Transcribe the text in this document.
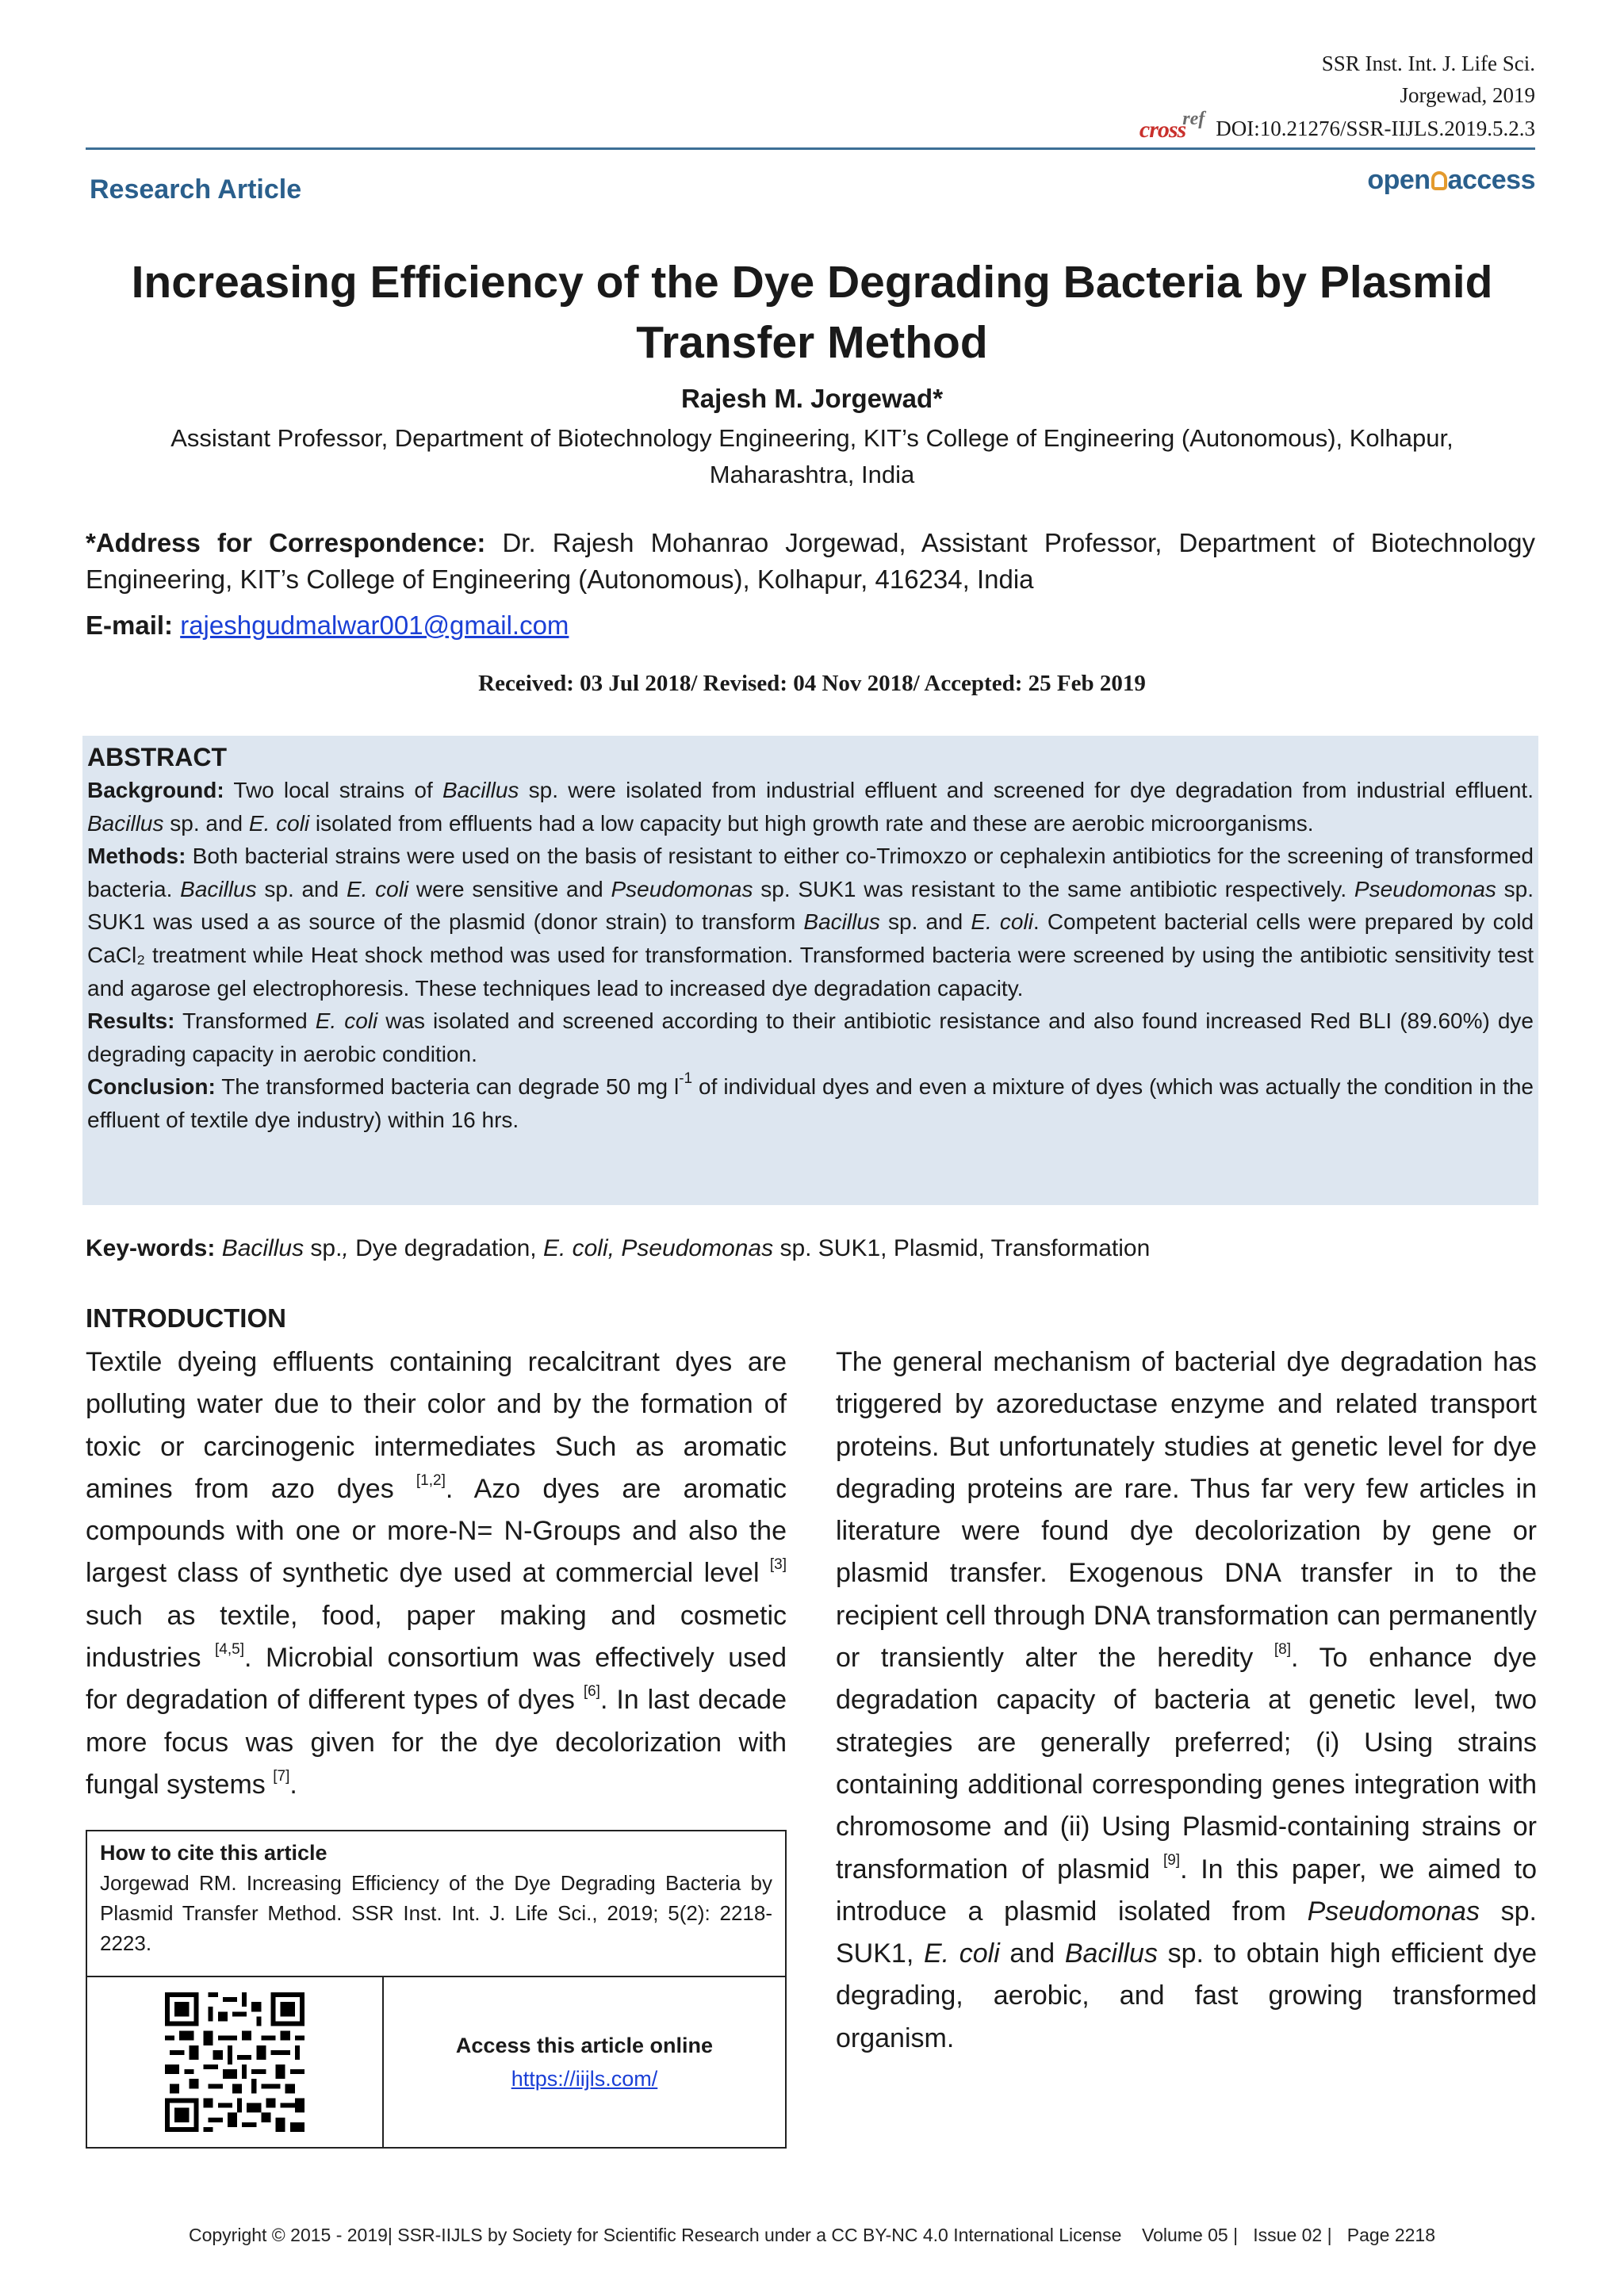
SSR Inst. Int. J. Life Sci.
Jorgewad, 2019
cross
ref DOI:10.21276/SSR-IIJLS.2019.5.2.3
Research Article	open access
Increasing Efficiency of the Dye Degrading Bacteria by Plasmid Transfer Method
Rajesh M. Jorgewad*
Assistant Professor, Department of Biotechnology Engineering, KIT’s College of Engineering (Autonomous), Kolhapur, Maharashtra, India
*Address for Correspondence: Dr. Rajesh Mohanrao Jorgewad, Assistant Professor, Department of Biotechnology Engineering, KIT’s College of Engineering (Autonomous), Kolhapur, 416234, India
E-mail: rajeshgudmalwar001@gmail.com
Received: 03 Jul 2018/ Revised: 04 Nov 2018/ Accepted: 25 Feb 2019
ABSTRACT

Background: Two local strains of Bacillus sp. were isolated from industrial effluent and screened for dye degradation from industrial effluent. Bacillus sp. and E. coli isolated from effluents had a low capacity but high growth rate and these are aerobic microorganisms.

Methods: Both bacterial strains were used on the basis of resistant to either co-Trimoxzo or cephalexin antibiotics for the screening of transformed bacteria. Bacillus sp. and E. coli were sensitive and Pseudomonas sp. SUK1 was resistant to the same antibiotic respectively. Pseudomonas sp. SUK1 was used a as source of the plasmid (donor strain) to transform Bacillus sp. and E. coli. Competent bacterial cells were prepared by cold CaCl₂ treatment while Heat shock method was used for transformation. Transformed bacteria were screened by using the antibiotic sensitivity test and agarose gel electrophoresis. These techniques lead to increased dye degradation capacity.

Results: Transformed E. coli was isolated and screened according to their antibiotic resistance and also found increased Red BLI (89.60%) dye degrading capacity in aerobic condition.

Conclusion: The transformed bacteria can degrade 50 mg $l^{-1}$ of individual dyes and even a mixture of dyes (which was actually the condition in the effluent of textile dye industry) within 16 hrs.

Key-words: Bacillus sp., Dye degradation, E. coli, Pseudomonas sp. SUK1, Plasmid, Transformation
INTRODUCTION

Textile dyeing effluents containing recalcitrant dyes are polluting water due to their color and by the formation of toxic or carcinogenic intermediates Such as aromatic amines from azo dyes [1,2]. Azo dyes are aromatic compounds with one or more-N= N-Groups and also the largest class of synthetic dye used at commercial level [3] such as textile, food, paper making and cosmetic industries [4,5]. Microbial consortium was effectively used for degradation of different types of dyes [6]. In last decade more focus was given for the dye decolorization with fungal systems [7].

The general mechanism of bacterial dye degradation has triggered by azoreductase enzyme and related transport proteins. But unfortunately studies at genetic level for dye degrading proteins are rare. Thus far very few articles in literature were found dye decolorization by gene or plasmid transfer. Exogenous DNA transfer in to the recipient cell through DNA transformation can permanently or transiently alter the heredity [8]. To enhance dye degradation capacity of bacteria at genetic level, two strategies are generally preferred; (i) Using strains containing additional corresponding genes integration with chromosome and (ii) Using Plasmid-containing strains or transformation of plasmid [9]. In this paper, we aimed to introduce a plasmid isolated from Pseudomonas sp. SUK1, E. coli and Bacillus sp. to obtain high efficient dye degrading, aerobic, and fast growing transformed organism.

How to cite this article
Jorgewad RM. Increasing Efficiency of the Dye Degrading Bacteria by Plasmid Transfer Method. SSR Inst. Int. J. Life Sci., 2019; 5(2): 2218-2223.
Access this article online
https://iijls.com/
Copyright © 2015 - 2019| SSR-IIJLS by Society for Scientific Research under a CC BY-NC 4.0 International License    Volume 05 |   Issue 02 |   Page 2218
